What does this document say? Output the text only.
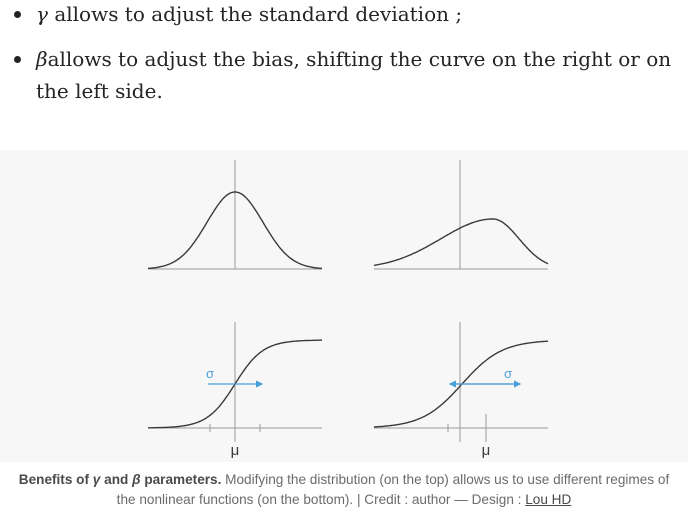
γ allows to adjust the standard deviation ;
βallows to adjust the bias, shifting the curve on the right or on the left side.
σ
μ
σ
μ
Benefits of γ and β parameters. Modifying the distribution (on the top) allows us to use different regimes of
the nonlinear functions (on the bottom). | Credit : author — Design : Lou HD
